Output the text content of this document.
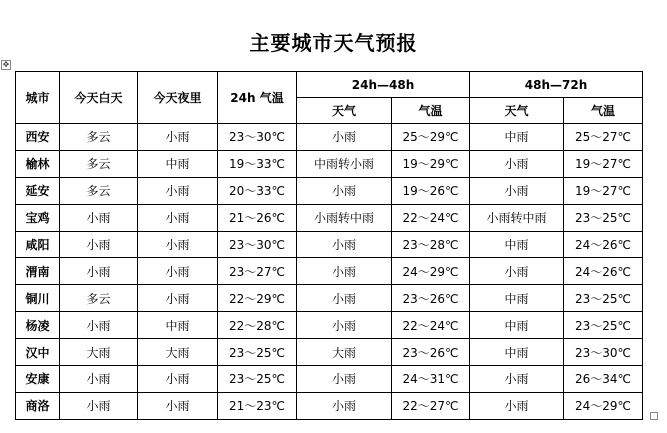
主要城市天气预报
✥
城市	今天白天	今天夜里	24h 气温	24h—48h		48h—72h	
				天气	气温	天气	气温
西安	多云	小雨	23～30℃	小雨	25～29℃	中雨	25～27℃
榆林	多云	中雨	19～33℃	中雨转小雨	19～29℃	小雨	19～27℃
延安	多云	小雨	20～33℃	小雨	19～26℃	小雨	19～27℃
宝鸡	小雨	小雨	21～26℃	小雨转中雨	22～24℃	小雨转中雨	23～25℃
咸阳	小雨	小雨	23～30℃	小雨	23～28℃	中雨	24～26℃
渭南	小雨	小雨	23～27℃	小雨	24～29℃	小雨	24～26℃
铜川	多云	小雨	22～29℃	小雨	23～26℃	中雨	23～25℃
杨凌	小雨	中雨	22～28℃	小雨	22～24℃	中雨	23～25℃
汉中	大雨	大雨	23～25℃	大雨	23～26℃	中雨	23～30℃
安康	小雨	小雨	23～25℃	小雨	24～31℃	小雨	26～34℃
商洛	小雨	小雨	21～23℃	小雨	22～27℃	小雨	24～29℃
